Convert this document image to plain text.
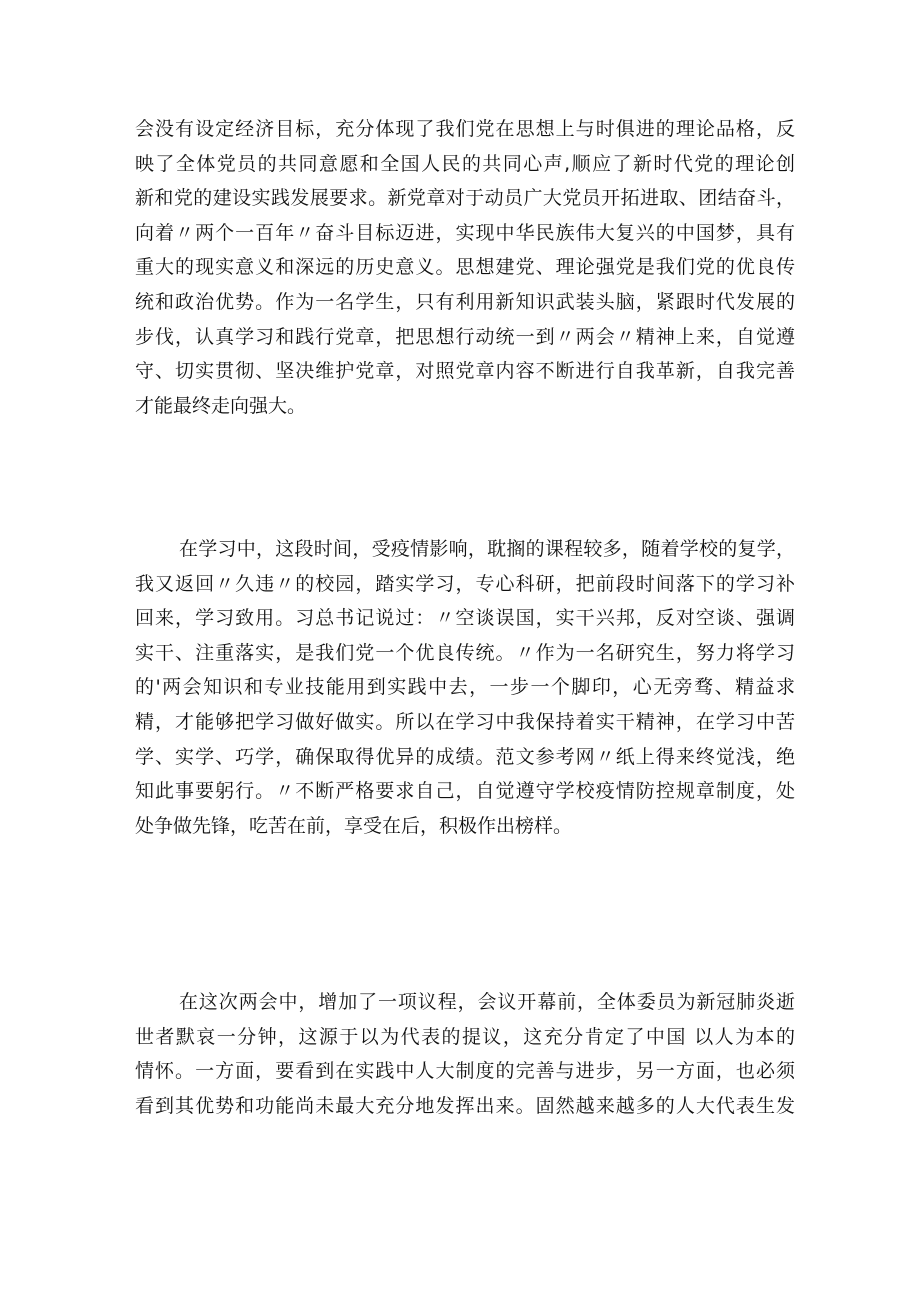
会没有设定经济目标，充分体现了我们党在思想上与时俱进的理论品格，反
映了全体党员的共同意愿和全国人民的共同心声,顺应了新时代党的理论创
新和党的建设实践发展要求。新党章对于动员广大党员开拓进取、团结奋斗，
向着〃两个一百年〃奋斗目标迈进，实现中华民族伟大复兴的中国梦，具有
重大的现实意义和深远的历史意义。思想建党、理论强党是我们党的优良传
统和政治优势。作为一名学生，只有利用新知识武装头脑，紧跟时代发展的
步伐，认真学习和践行党章，把思想行动统一到〃两会〃精神上来，自觉遵
守、切实贯彻、坚决维护党章，对照党章内容不断进行自我革新，自我完善
才能最终走向强大。
在学习中，这段时间，受疫情影响，耽搁的课程较多，随着学校的复学，
我又返回〃久违〃的校园，踏实学习，专心科研，把前段时间落下的学习补
回来，学习致用。习总书记说过：〃空谈误国，实干兴邦，反对空谈、强调
实干、注重落实，是我们党一个优良传统。〃作为一名研究生，努力将学习
的'两会知识和专业技能用到实践中去，一步一个脚印，心无旁骛、精益求
精，才能够把学习做好做实。所以在学习中我保持着实干精神，在学习中苦
学、实学、巧学，确保取得优异的成绩。范文参考网〃纸上得来终觉浅，绝
知此事要躬行。〃不断严格要求自己，自觉遵守学校疫情防控规章制度，处
处争做先锋，吃苦在前，享受在后，积极作出榜样。
在这次两会中，增加了一项议程，会议开幕前，全体委员为新冠肺炎逝
世者默哀一分钟，这源于以为代表的提议，这充分肯定了中国 以人为本的
情怀。一方面，要看到在实践中人大制度的完善与进步，另一方面，也必须
看到其优势和功能尚未最大充分地发挥出来。固然越来越多的人大代表生发
